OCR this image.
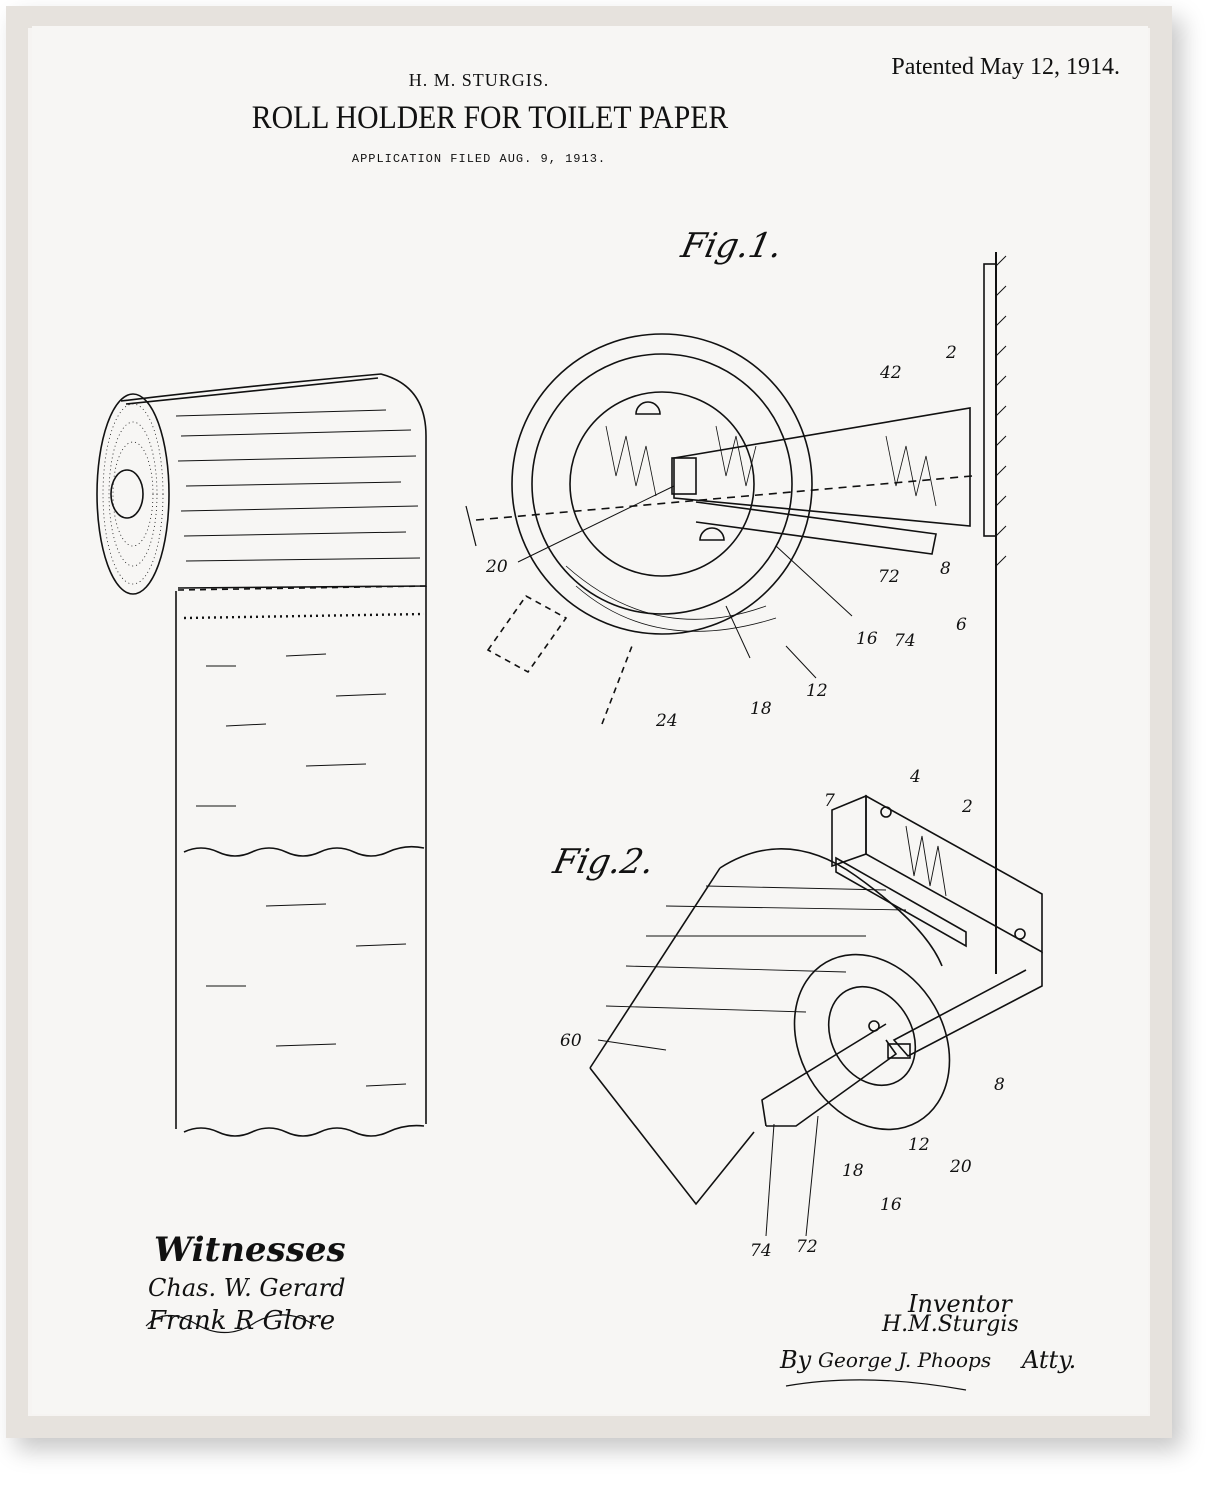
Patented May 12, 1914.
H. M. STURGIS.
ROLL HOLDER FOR TOILET PAPER
APPLICATION FILED AUG. 9, 1913.
Fig.1.
Fig.2.
2
42
20	72 8
16 74
6
12
18
24
4
7	2
60
8
12
20
18
16
74 72
Witnesses
Chas. W. Gerard
Frank R Glore
Inventor
H.M.Sturgis
By George J. Phoops Atty.
